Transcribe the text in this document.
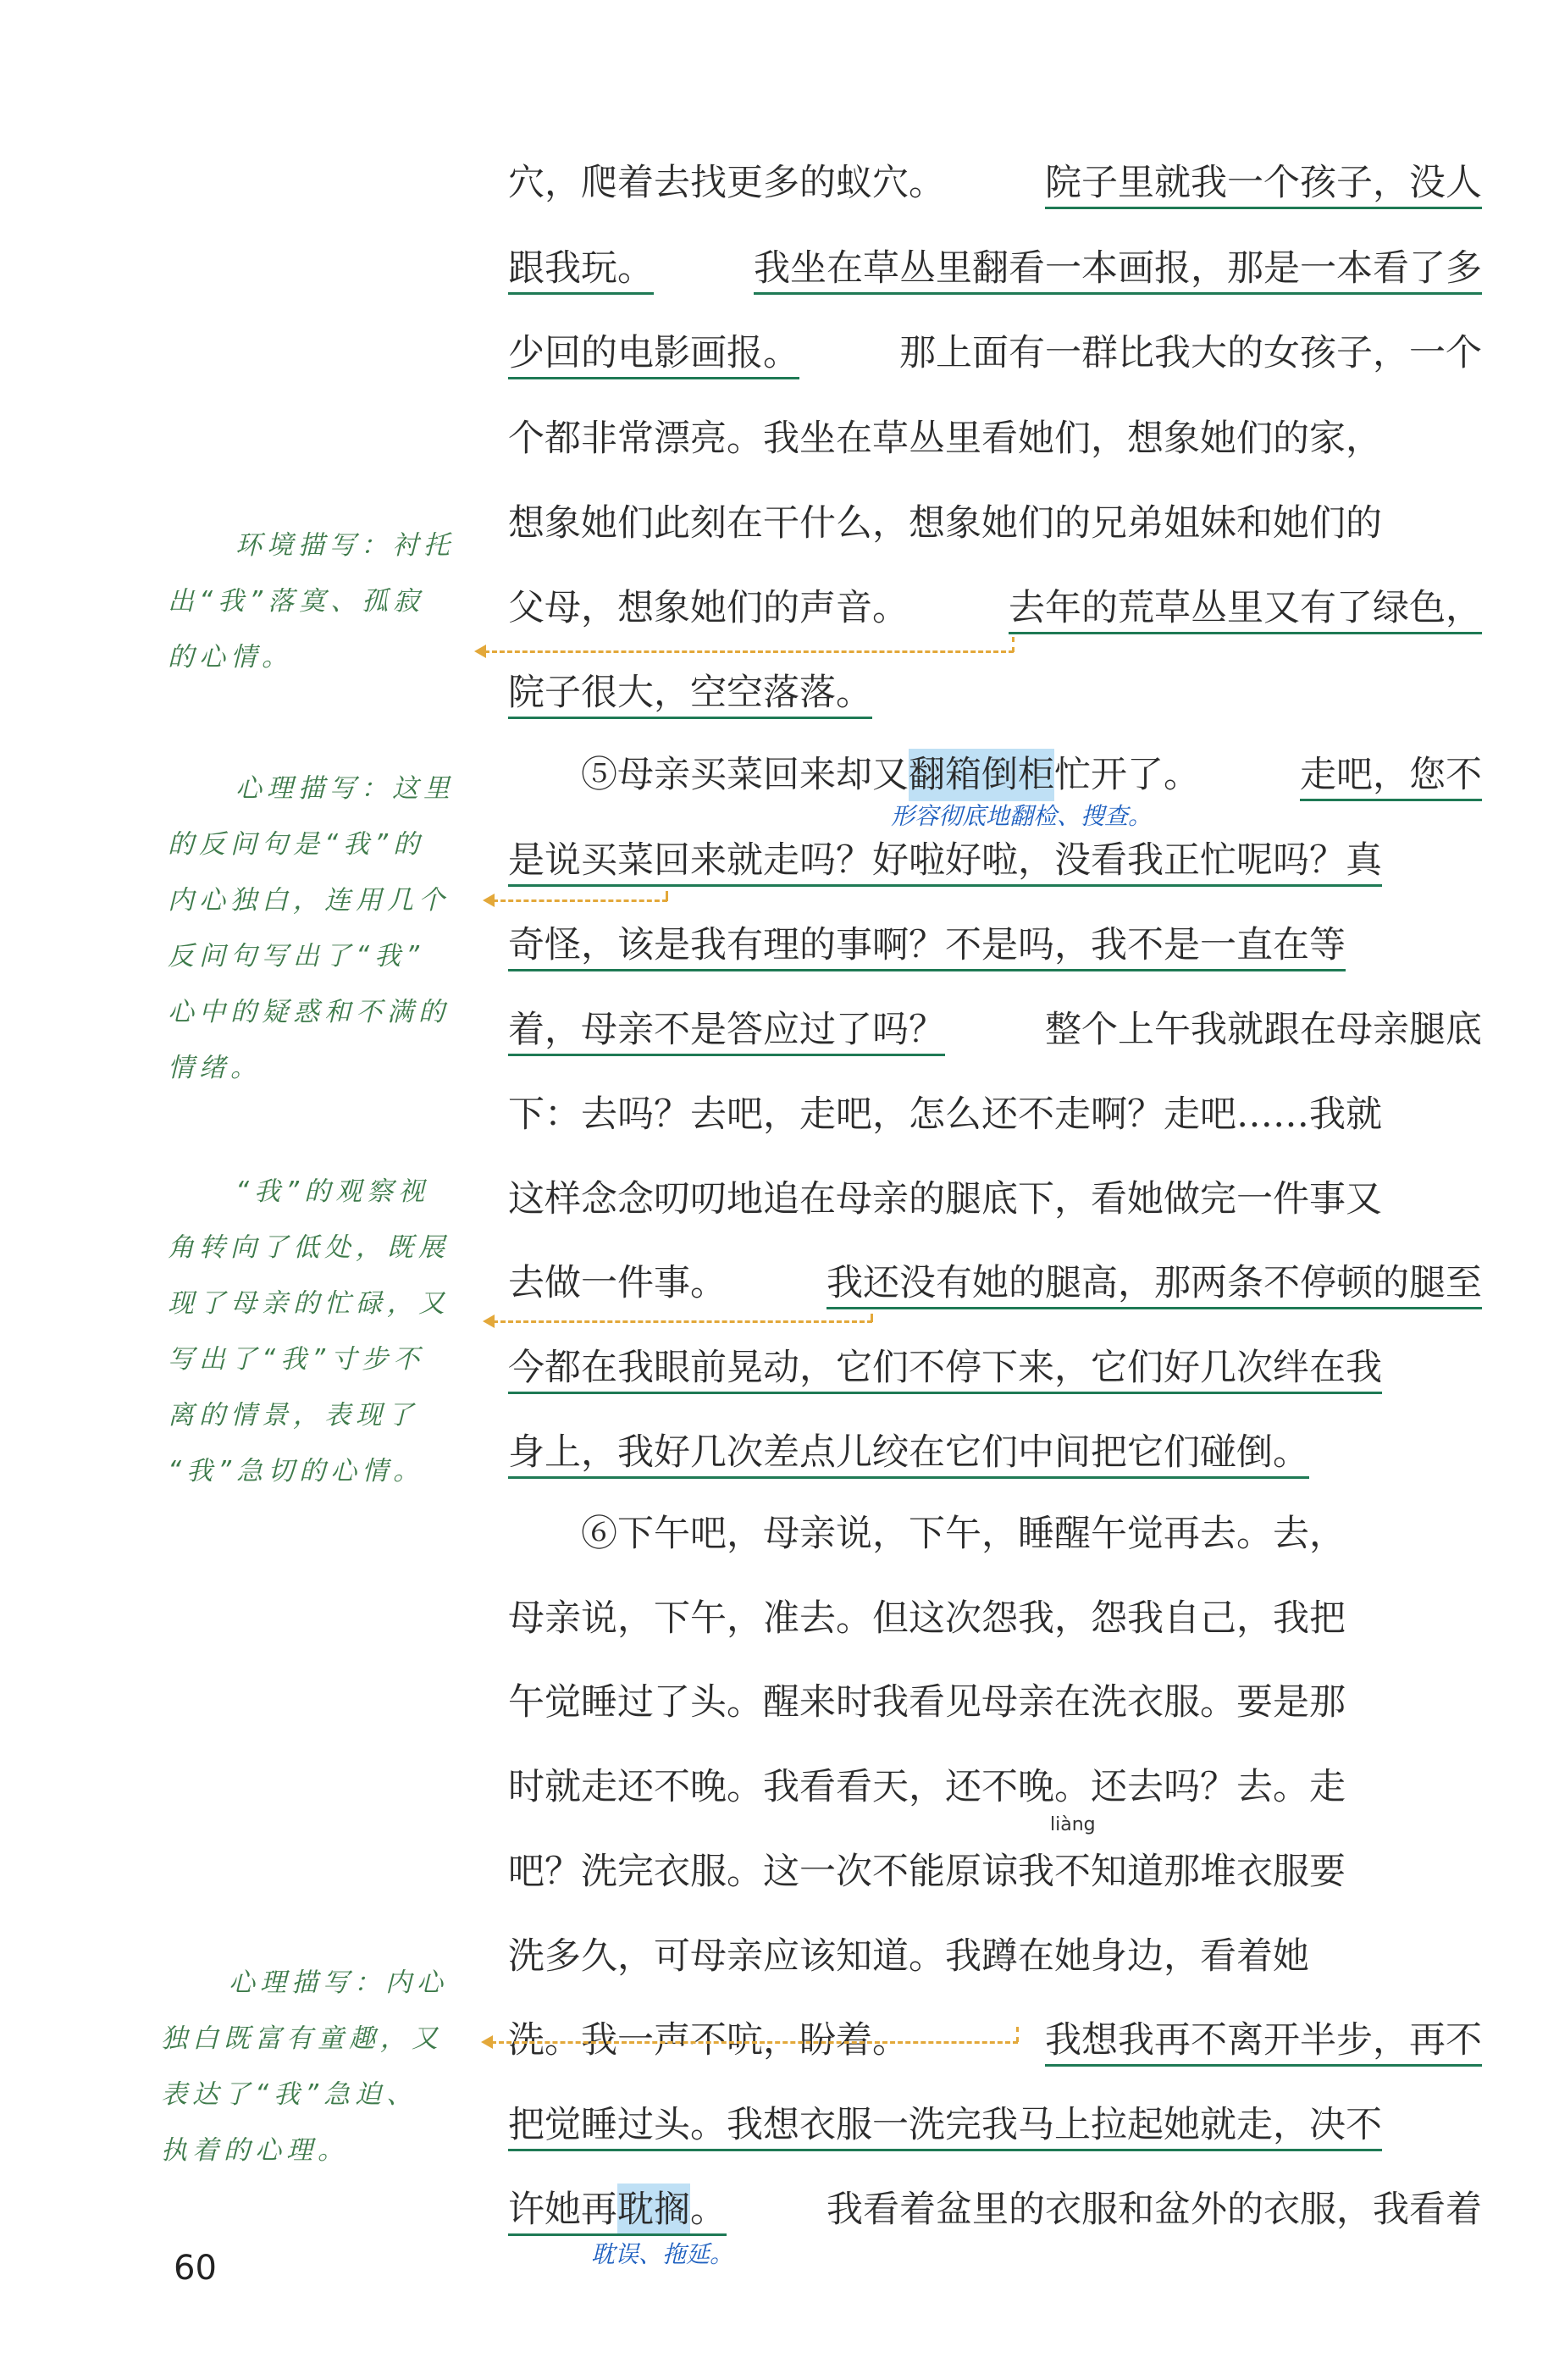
穴，爬着去找更多的蚁穴。	院子里就我一个孩子，没人
跟我玩。	我坐在草丛里翻看一本画报，那是一本看了多
少回的电影画报。	那上面有一群比我大的女孩子，一个
个都非常漂亮。我坐在草丛里看她们，想象她们的家，
想象她们此刻在干什么，想象她们的兄弟姐妹和她们的
父母，想象她们的声音。	去年的荒草丛里又有了绿色，
院子很大，空空落落。
⑤母亲买菜回来却又 翻箱倒柜 忙开了。	走吧，您不
是说买菜回来就走吗？好啦好啦，没看我正忙呢吗？真
奇怪，该是我有理的事啊？不是吗，我不是一直在等
着，母亲不是答应过了吗？	整个上午我就跟在母亲腿底
下：去吗？去吧，走吧，怎么还不走啊？走吧……我就
这样念念叨叨地追在母亲的腿底下，看她做完一件事又
去做一件事。	我还没有她的腿高，那两条不停顿的腿至
今都在我眼前晃动，它们不停下来，它们好几次绊在我
身上，我好几次差点儿绞在它们中间把它们碰倒。
⑥下午吧，母亲说，下午，睡醒午觉再去。去，
母亲说，下午，准去。但这次怨我，怨我自己，我把
午觉睡过了头。醒来时我看见母亲在洗衣服。要是那
时就走还不晚。我看看天，还不晚。还去吗？去。走
吧？洗完衣服。这一次不能原谅我不知道那堆衣服要
洗多久，可母亲应该知道。我蹲在她身边，看着她
洗。我一声不吭，盼着。	我想我再不离开半步，再不
把觉睡过头。我想衣服一洗完我马上拉起她就走，决不
许她再 耽搁 。	我看着盆里的衣服和盆外的衣服，我看着
形容彻底地翻检、搜查。
liàng
耽误、拖延。
环境描写：衬托
出“我”落寞、孤寂
的心情。
心理描写：这里
的反问句是“我”的
内心独白，连用几个
反问句写出了“我”
心中的疑惑和不满的
情绪。
“我”的观察视
角转向了低处，既展
现了母亲的忙碌，又
写出了“我”寸步不
离的情景，表现了
“我”急切的心情。
心理描写：内心
独白既富有童趣，又
表达了“我”急迫、
执着的心理。
60
